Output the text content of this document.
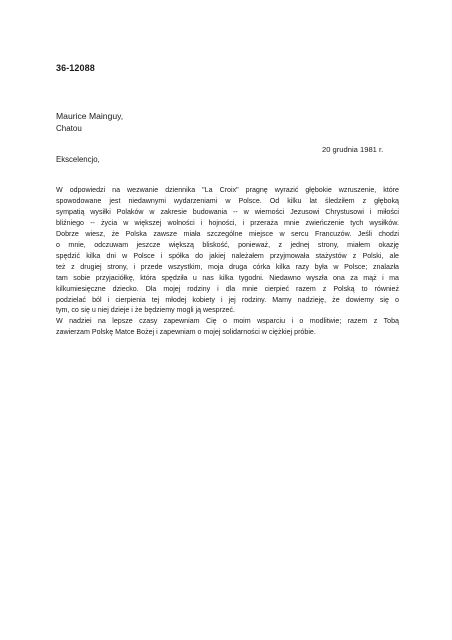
36-12088
Maurice Mainguy,
Chatou
20 grudnia 1981 r.
Ekscelencjo,
W odpowiedzi na wezwanie dziennika "La Croix" pragnę wyrazić głębokie wzruszenie, które
spowodowane jest niedawnymi wydarzeniami w Polsce. Od kilku lat śledziłem z głęboką
sympatią wysiłki Polaków w zakresie budowania -- w wierności Jezusowi Chrystusowi i miłości
bliźniego -- życia w większej wolności i hojności, i przeraża mnie zwieńczenie tych wysiłków.
Dobrze wiesz, że Polska zawsze miała szczególne miejsce w sercu Francuzów. Jeśli chodzi
o mnie, odczuwam jeszcze większą bliskość, ponieważ, z jednej strony, miałem okazję
spędzić kilka dni w Polsce i spółka do jakiej należałem przyjmowała stażystów z Polski, ale
też z drugiej strony, i przede wszystkim, moja druga córka kilka razy była w Polsce; znalazła
tam sobie przyjaciółkę, która spędziła u nas kilka tygodni. Niedawno wyszła ona za mąż i ma
kilkumiesięczne dziecko. Dla mojej rodziny i dla mnie cierpieć razem z Polską to również
podzielać ból i cierpienia tej młodej kobiety i jej rodziny. Mamy nadzieję, że dowiemy się o
tym, co się u niej dzieje i że będziemy mogli ją wesprzeć.
W nadziei na lepsze czasy zapewniam Cię o moim wsparciu i o modlitwie; razem z Tobą
zawierzam Polskę Matce Bożej i zapewniam o mojej solidarności w ciężkiej próbie.
